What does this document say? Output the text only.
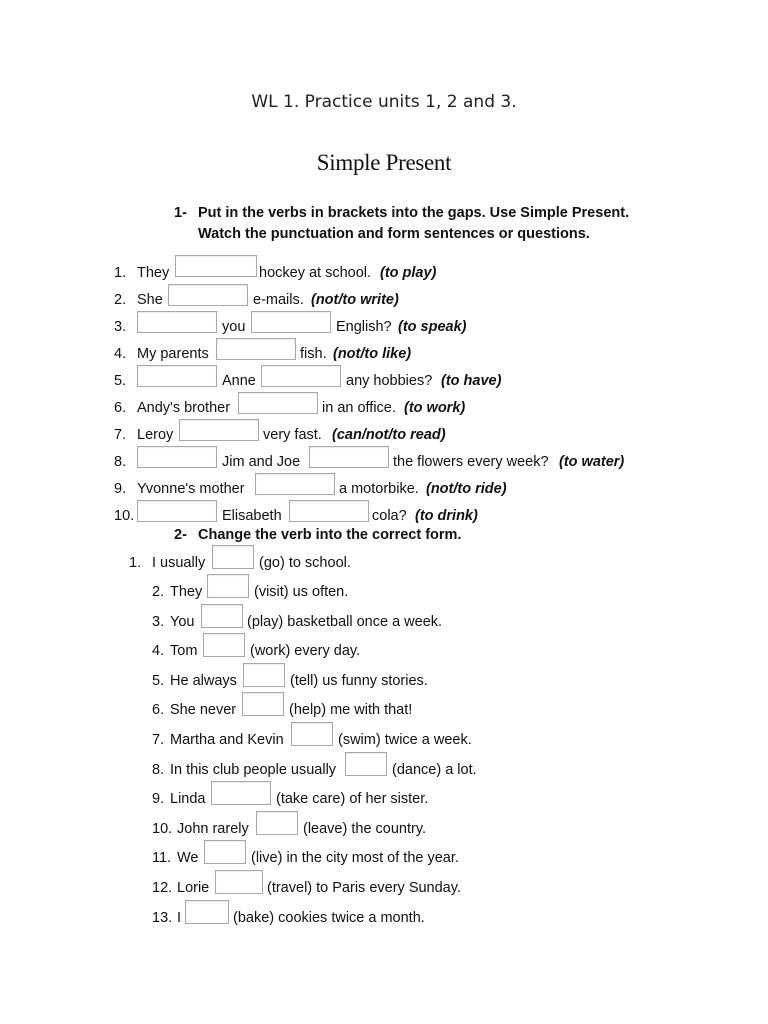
WL 1. Practice units 1, 2 and 3.
Simple Present
1- Put in the verbs in brackets into the gaps. Use Simple Present.
Watch the punctuation and form sentences or questions.
1. They	hockey at school. (to play)
2. She	e-mails. (not/to write)
3.	you	English? (to speak)
4. My parents	fish. (not/to like)
5.	Anne	any hobbies? (to have)
6. Andy's brother	in an office. (to work)
7. Leroy	very fast. (can/not/to read)
8.	Jim and Joe	the flowers every week? (to water)
9. Yvonne's mother	a motorbike. (not/to ride)
10.	Elisabeth	cola? (to drink)
2- Change the verb into the correct form.
1. I usually	(go) to school.
2. They	(visit) us often.
3. You	(play) basketball once a week.
4. Tom	(work) every day.
5. He always	(tell) us funny stories.
6. She never	(help) me with that!
7. Martha and Kevin	(swim) twice a week.
8. In this club people usually	(dance) a lot.
9. Linda	(take care) of her sister.
10. John rarely	(leave) the country.
11. We	(live) in the city most of the year.
12. Lorie	(travel) to Paris every Sunday.
13. I	(bake) cookies twice a month.
